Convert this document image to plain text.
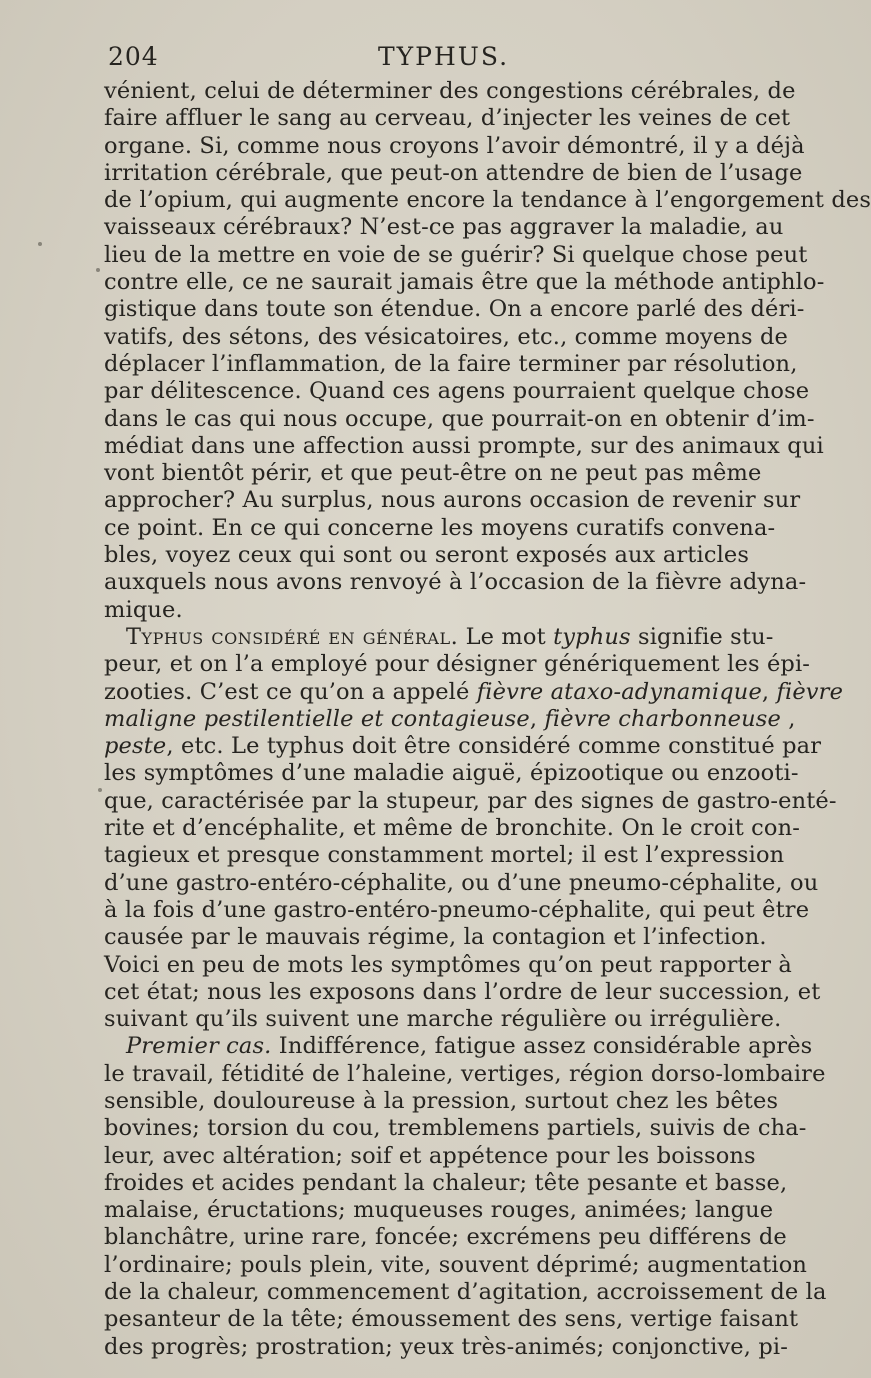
204	TYPHUS.
vénient, celui de déterminer des congestions cérébrales, de
faire affluer le sang au cerveau, d’injecter les veines de cet
organe. Si, comme nous croyons l’avoir démontré, il y a déjà
irritation cérébrale, que peut-on attendre de bien de l’usage
de l’opium, qui augmente encore la tendance à l’engorgement des
vaisseaux cérébraux? N’est-ce pas aggraver la maladie, au
lieu de la mettre en voie de se guérir? Si quelque chose peut
contre elle, ce ne saurait jamais être que la méthode antiphlo-
gistique dans toute son étendue. On a encore parlé des déri-
vatifs, des sétons, des vésicatoires, etc., comme moyens de
déplacer l’inflammation, de la faire terminer par résolution,
par délitescence. Quand ces agens pourraient quelque chose
dans le cas qui nous occupe, que pourrait-on en obtenir d’im-
médiat dans une affection aussi prompte, sur des animaux qui
vont bientôt périr, et que peut-être on ne peut pas même
approcher? Au surplus, nous aurons occasion de revenir sur
ce point. En ce qui concerne les moyens curatifs convena-
bles, voyez ceux qui sont ou seront exposés aux articles
auxquels nous avons renvoyé à l’occasion de la fièvre adyna-
mique.
Typhus considéré en général. Le mot typhus signifie stu-
peur, et on l’a employé pour désigner génériquement les épi-
zooties. C’est ce qu’on a appelé fièvre ataxo-adynamique, fièvre
maligne pestilentielle et contagieuse, fièvre charbonneuse ,
peste, etc. Le typhus doit être considéré comme constitué par
les symptômes d’une maladie aiguë, épizootique ou enzooti-
que, caractérisée par la stupeur, par des signes de gastro-enté-
rite et d’encéphalite, et même de bronchite. On le croit con-
tagieux et presque constamment mortel; il est l’expression
d’une gastro-entéro-céphalite, ou d’une pneumo-céphalite, ou
à la fois d’une gastro-entéro-pneumo-céphalite, qui peut être
causée par le mauvais régime, la contagion et l’infection.
Voici en peu de mots les symptômes qu’on peut rapporter à
cet état; nous les exposons dans l’ordre de leur succession, et
suivant qu’ils suivent une marche régulière ou irrégulière.
Premier cas. Indifférence, fatigue assez considérable après
le travail, fétidité de l’haleine, vertiges, région dorso-lombaire
sensible, douloureuse à la pression, surtout chez les bêtes
bovines; torsion du cou, tremblemens partiels, suivis de cha-
leur, avec altération; soif et appétence pour les boissons
froides et acides pendant la chaleur; tête pesante et basse,
malaise, éructations; muqueuses rouges, animées; langue
blanchâtre, urine rare, foncée; excrémens peu différens de
l’ordinaire; pouls plein, vite, souvent déprimé; augmentation
de la chaleur, commencement d’agitation, accroissement de la
pesanteur de la tête; émoussement des sens, vertige faisant
des progrès; prostration; yeux très-animés; conjonctive, pi-
